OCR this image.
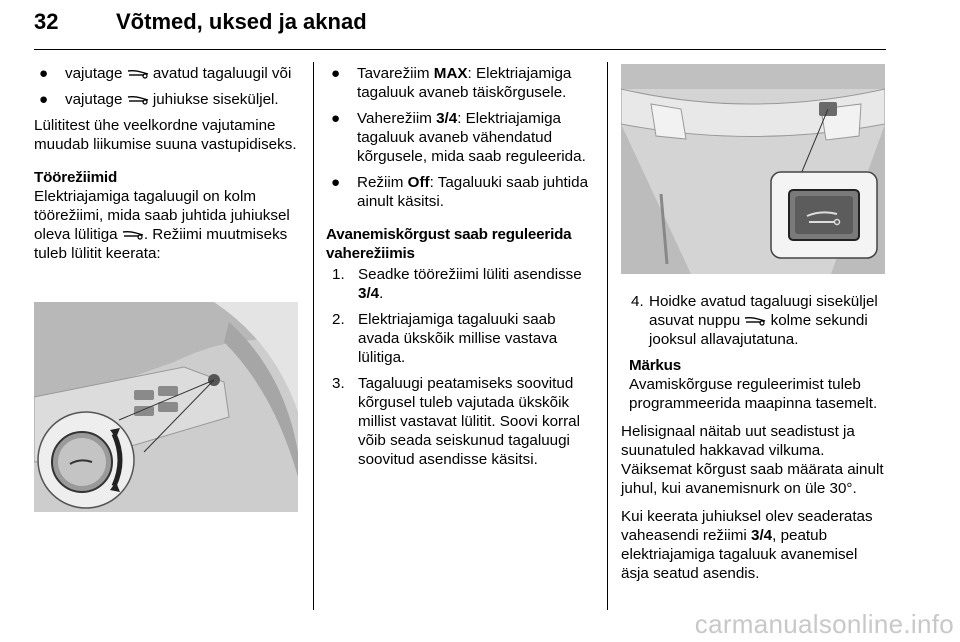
32	Võtmed, uksed ja aknad
● vajutage
avatud tagaluugil või
● vajutage
juhiukse siseküljel.

Lülititest ühe veelkordne vajutamine muudab liikumise suuna vastupidiseks.

Töörežiimid

Elektriajamiga tagaluugil on kolm töörežiimi, mida saab juhtida juhiuksel oleva lülitiga
. Režiimi muutmiseks tuleb lülitit keerata:

● Tavarežiim MAX: Elektriajamiga tagaluuk avaneb täiskõrgusele.
● Vaherežiim 3/4: Elektriajamiga tagaluuk avaneb vähendatud kõrgusele, mida saab reguleerida.
● Režiim Off: Tagaluuki saab juhtida ainult käsitsi.

Avanemiskõrgust saab reguleerida vaherežiimis

1. Seadke töörežiimi lüliti asendisse 3/4.
2. Elektriajamiga tagaluuki saab avada ükskõik millise vastava lülitiga.
3. Tagaluugi peatamiseks soovitud kõrgusel tuleb vajutada ükskõik millist vastavat lülitit. Soovi korral võib seada seiskunud tagaluugi soovitud asendisse käsitsi.
4. Hoidke avatud tagaluugi siseküljel asuvat nuppu
kolme sekundi jooksul allavajutatuna.

Märkus

Avamiskõrguse reguleerimist tuleb programmeerida maapinna tasemelt.

Helisignaal näitab uut seadistust ja suunatuled hakkavad vilkuma. Väiksemat kõrgust saab määrata ainult juhul, kui avanemisnurk on üle 30°.

Kui keerata juhiuksel olev seaderatas vaheasendi režiimi 3/4, peatub elektriajamiga tagaluuk avanemisel äsja seatud asendis.

carmanualsonline.info
